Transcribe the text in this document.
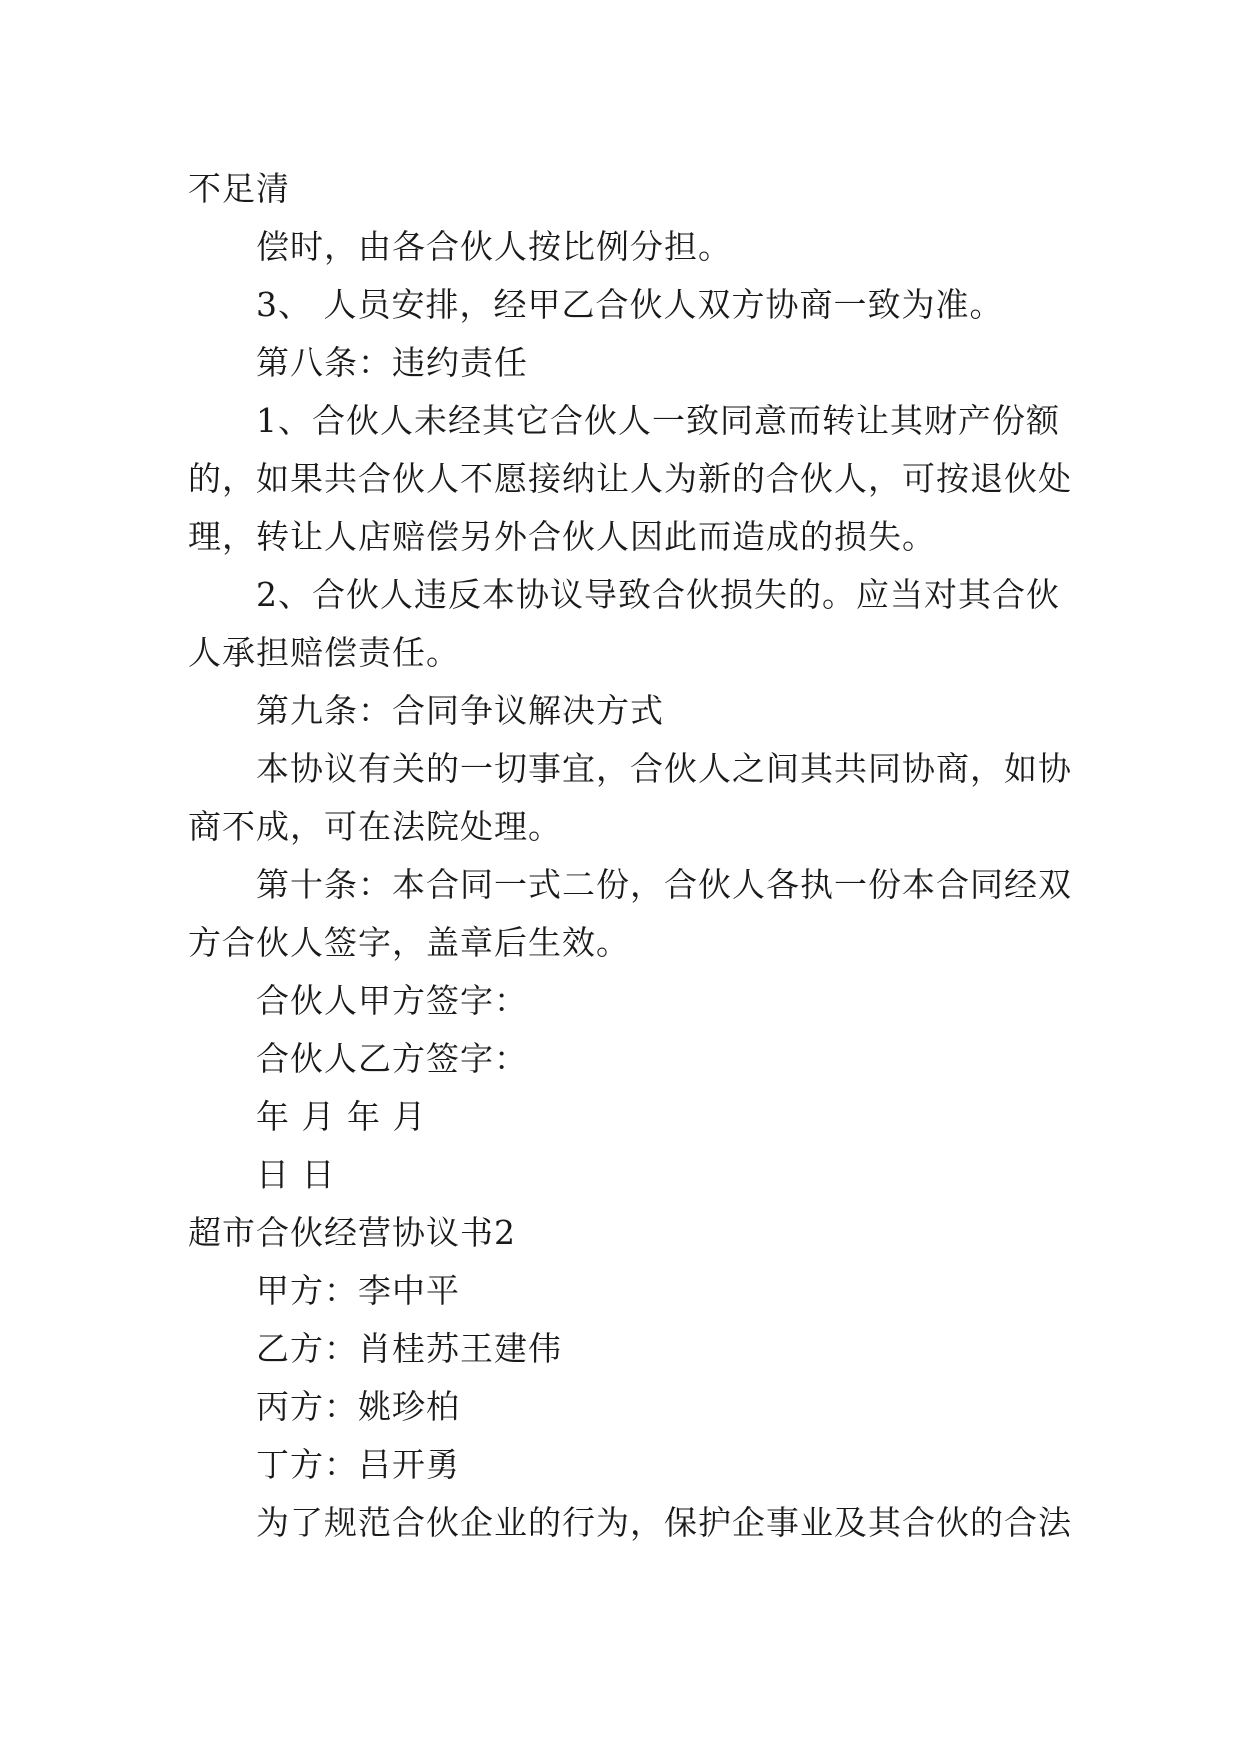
不足清
偿时，由各合伙人按比例分担。
3、 人员安排，经甲乙合伙人双方协商一致为准。
第八条：违约责任
1、合伙人未经其它合伙人一致同意而转让其财产份额
的，如果共合伙人不愿接纳让人为新的合伙人，可按退伙处
理，转让人店赔偿另外合伙人因此而造成的损失。
2、合伙人违反本协议导致合伙损失的。应当对其合伙
人承担赔偿责任。
第九条：合同争议解决方式
本协议有关的一切事宜，合伙人之间其共同协商，如协
商不成，可在法院处理。
第十条：本合同一式二份，合伙人各执一份本合同经双
方合伙人签字，盖章后生效。
合伙人甲方签字：
合伙人乙方签字：
年 月 年 月
日 日
超市合伙经营协议书2
甲方：李中平
乙方：肖桂苏王建伟
丙方：姚珍柏
丁方：吕开勇
为了规范合伙企业的行为，保护企事业及其合伙的合法
